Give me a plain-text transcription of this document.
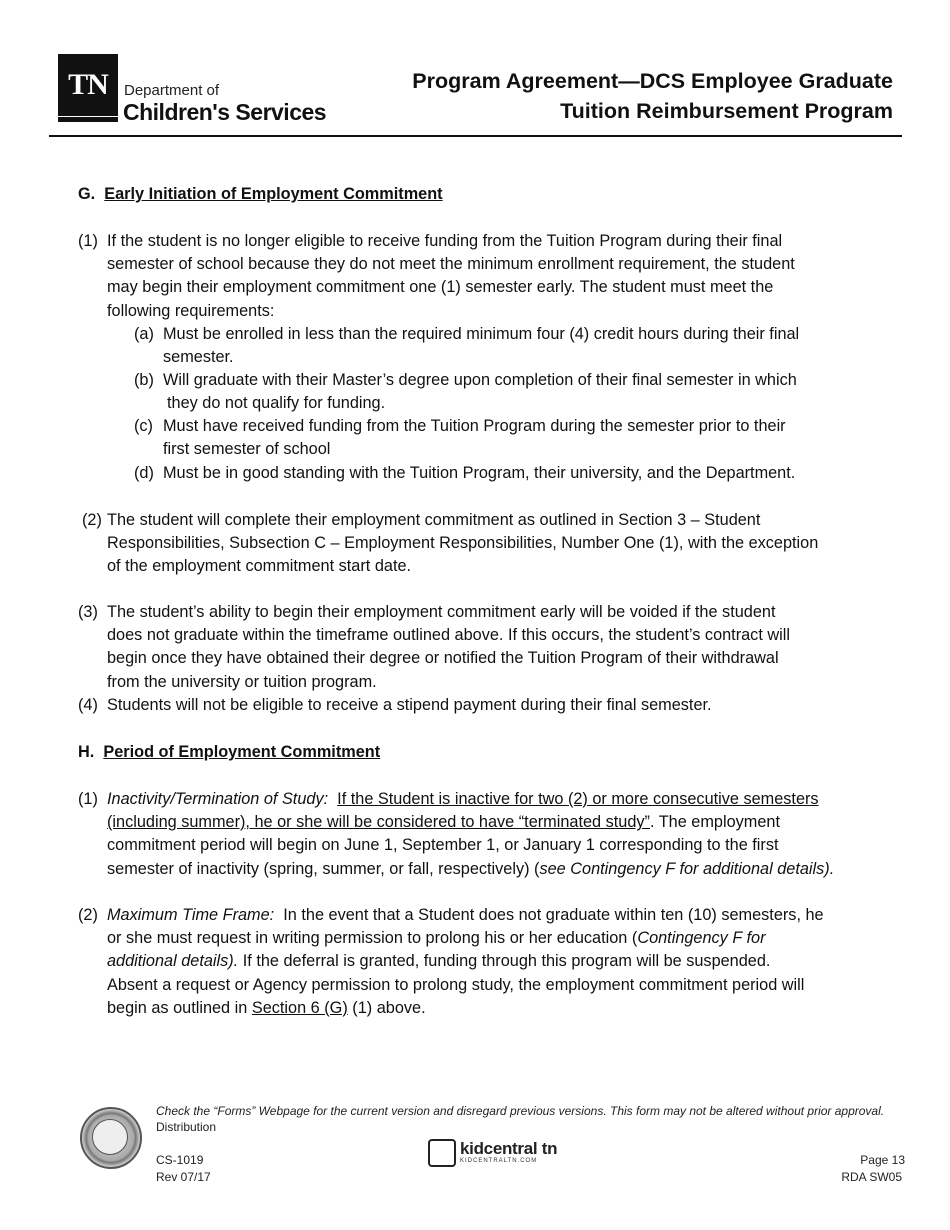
TN Department of
Children's Services
Program Agreement—DCS Employee Graduate
Tuition Reimbursement Program
G. Early Initiation of Employment Commitment
(1) If the student is no longer eligible to receive funding from the Tuition Program during their final
semester of school because they do not meet the minimum enrollment requirement, the student
may begin their employment commitment one (1) semester early. The student must meet the
following requirements:
(a) Must be enrolled in less than the required minimum four (4) credit hours during their final
semester.
(b) Will graduate with their Master’s degree upon completion of their final semester in which
they do not qualify for funding.
(c) Must have received funding from the Tuition Program during the semester prior to their
first semester of school
(d) Must be in good standing with the Tuition Program, their university, and the Department.
(2) The student will complete their employment commitment as outlined in Section 3 – Student
Responsibilities, Subsection C – Employment Responsibilities, Number One (1), with the exception
of the employment commitment start date.
(3) The student’s ability to begin their employment commitment early will be voided if the student
does not graduate within the timeframe outlined above. If this occurs, the student’s contract will
begin once they have obtained their degree or notified the Tuition Program of their withdrawal
from the university or tuition program.
(4) Students will not be eligible to receive a stipend payment during their final semester.
H. Period of Employment Commitment
(1) Inactivity/Termination of Study: If the Student is inactive for two (2) or more consecutive semesters
(including summer), he or she will be considered to have “terminated study”. The employment
commitment period will begin on June 1, September 1, or January 1 corresponding to the first
semester of inactivity (spring, summer, or fall, respectively) (see Contingency F for additional details).
(2) Maximum Time Frame: In the event that a Student does not graduate within ten (10) semesters, he
or she must request in writing permission to prolong his or her education (Contingency F for
additional details). If the deferral is granted, funding through this program will be suspended.
Absent a request or Agency permission to prolong study, the employment commitment period will
begin as outlined in Section 6 (G) (1) above.
Check the “Forms” Webpage for the current version and disregard previous versions. This form may not be altered without prior approval.
Distribution
CS-1019
Rev 07/17
kidcentral tn
KIDCENTRALTN.COM	Page 13
RDA SW05
